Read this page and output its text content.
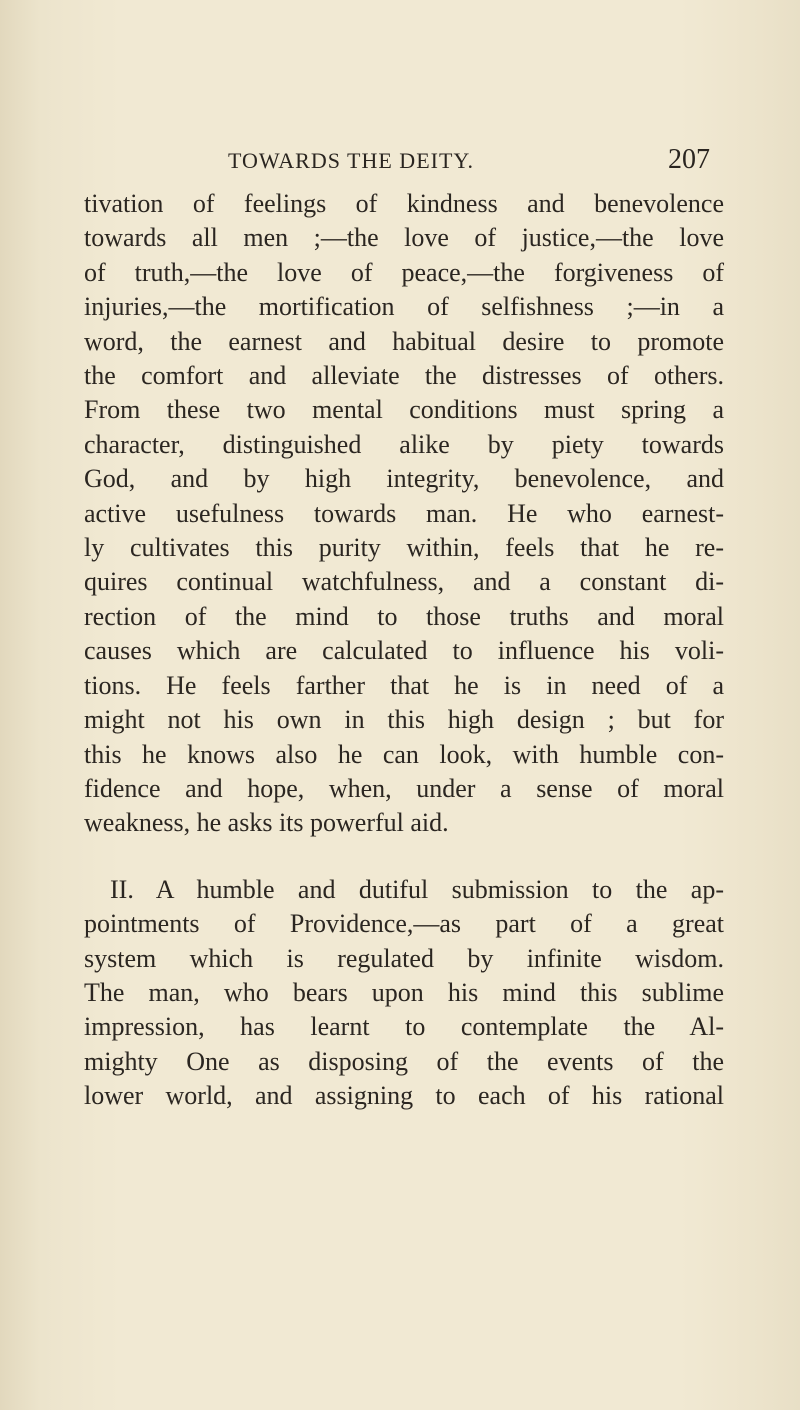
TOWARDS THE DEITY.	207

tivation of feelings of kindness and benevolence
towards all men ;—the love of justice,—the love
of truth,—the love of peace,—the forgiveness of
injuries,—the mortification of selfishness ;—in a
word, the earnest and habitual desire to promote
the comfort and alleviate the distresses of others.
From these two mental conditions must spring a
character, distinguished alike by piety towards
God, and by high integrity, benevolence, and
active usefulness towards man. He who earnest-
ly cultivates this purity within, feels that he re-
quires continual watchfulness, and a constant di-
rection of the mind to those truths and moral
causes which are calculated to influence his voli-
tions. He feels farther that he is in need of a
might not his own in this high design ; but for
this he knows also he can look, with humble con-
fidence and hope, when, under a sense of moral
weakness, he asks its powerful aid.

II. A humble and dutiful submission to the ap-
pointments of Providence,—as part of a great
system which is regulated by infinite wisdom.
The man, who bears upon his mind this sublime
impression, has learnt to contemplate the Al-
mighty One as disposing of the events of the
lower world, and assigning to each of his rational
